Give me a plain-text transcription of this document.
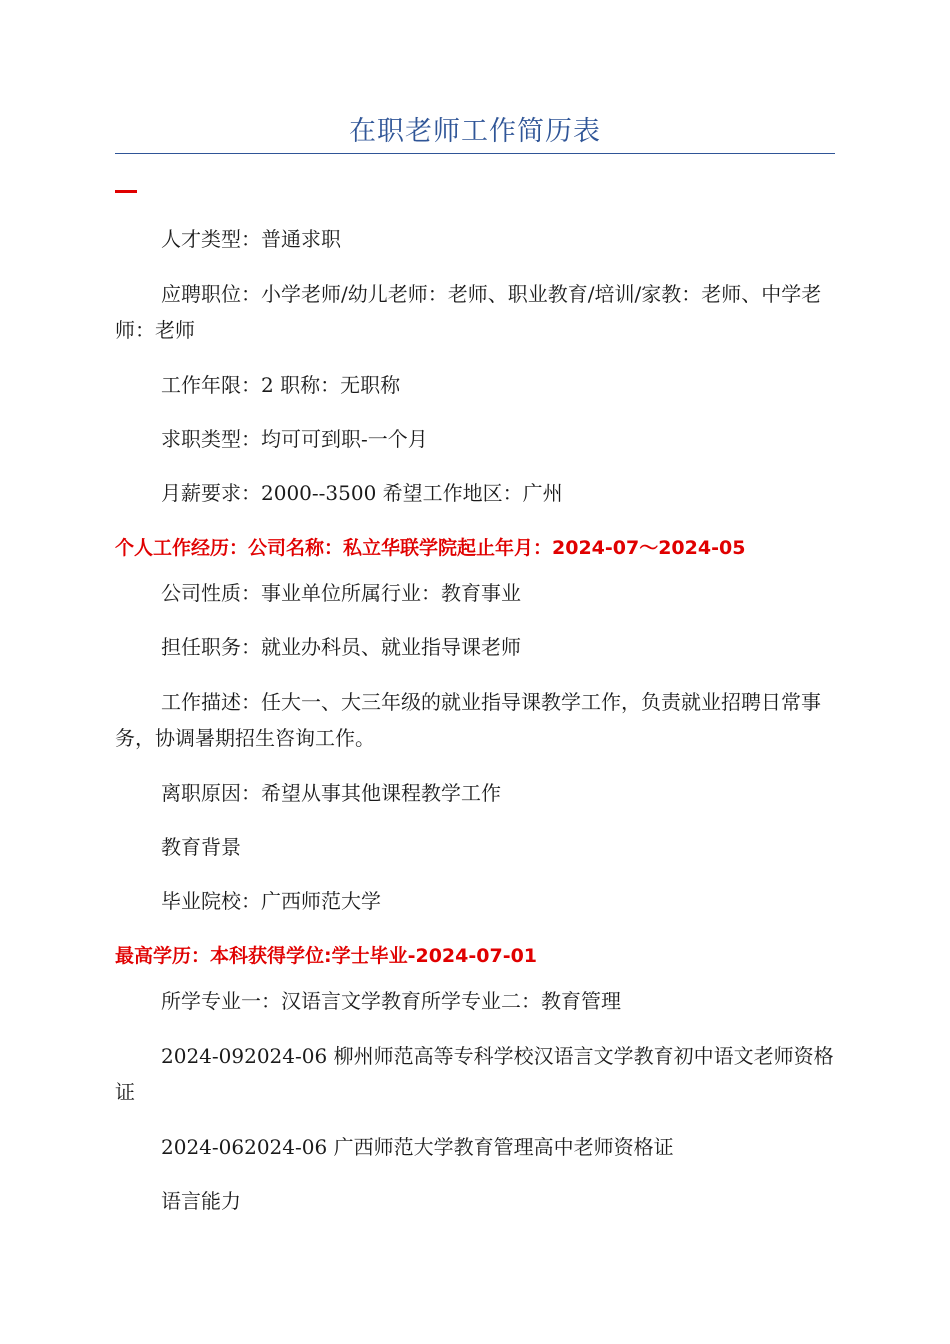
在职老师工作简历表

人才类型：普通求职

应聘职位：小学老师/幼儿老师：老师、职业教育/培训/家教：老师、中学老师：老师

工作年限：2 职称：无职称

求职类型：均可可到职-一个月

月薪要求：2000--3500 希望工作地区：广州

个人工作经历：公司名称：私立华联学院起止年月：2024-07～2024-05

公司性质：事业单位所属行业：教育事业

担任职务：就业办科员、就业指导课老师

工作描述：任大一、大三年级的就业指导课教学工作，负责就业招聘日常事务，协调暑期招生咨询工作。

离职原因：希望从事其他课程教学工作

教育背景

毕业院校：广西师范大学

最高学历：本科获得学位:学士毕业-2024-07-01

所学专业一：汉语言文学教育所学专业二：教育管理

2024-092024-06 柳州师范高等专科学校汉语言文学教育初中语文老师资格证

2024-062024-06 广西师范大学教育管理高中老师资格证

语言能力
